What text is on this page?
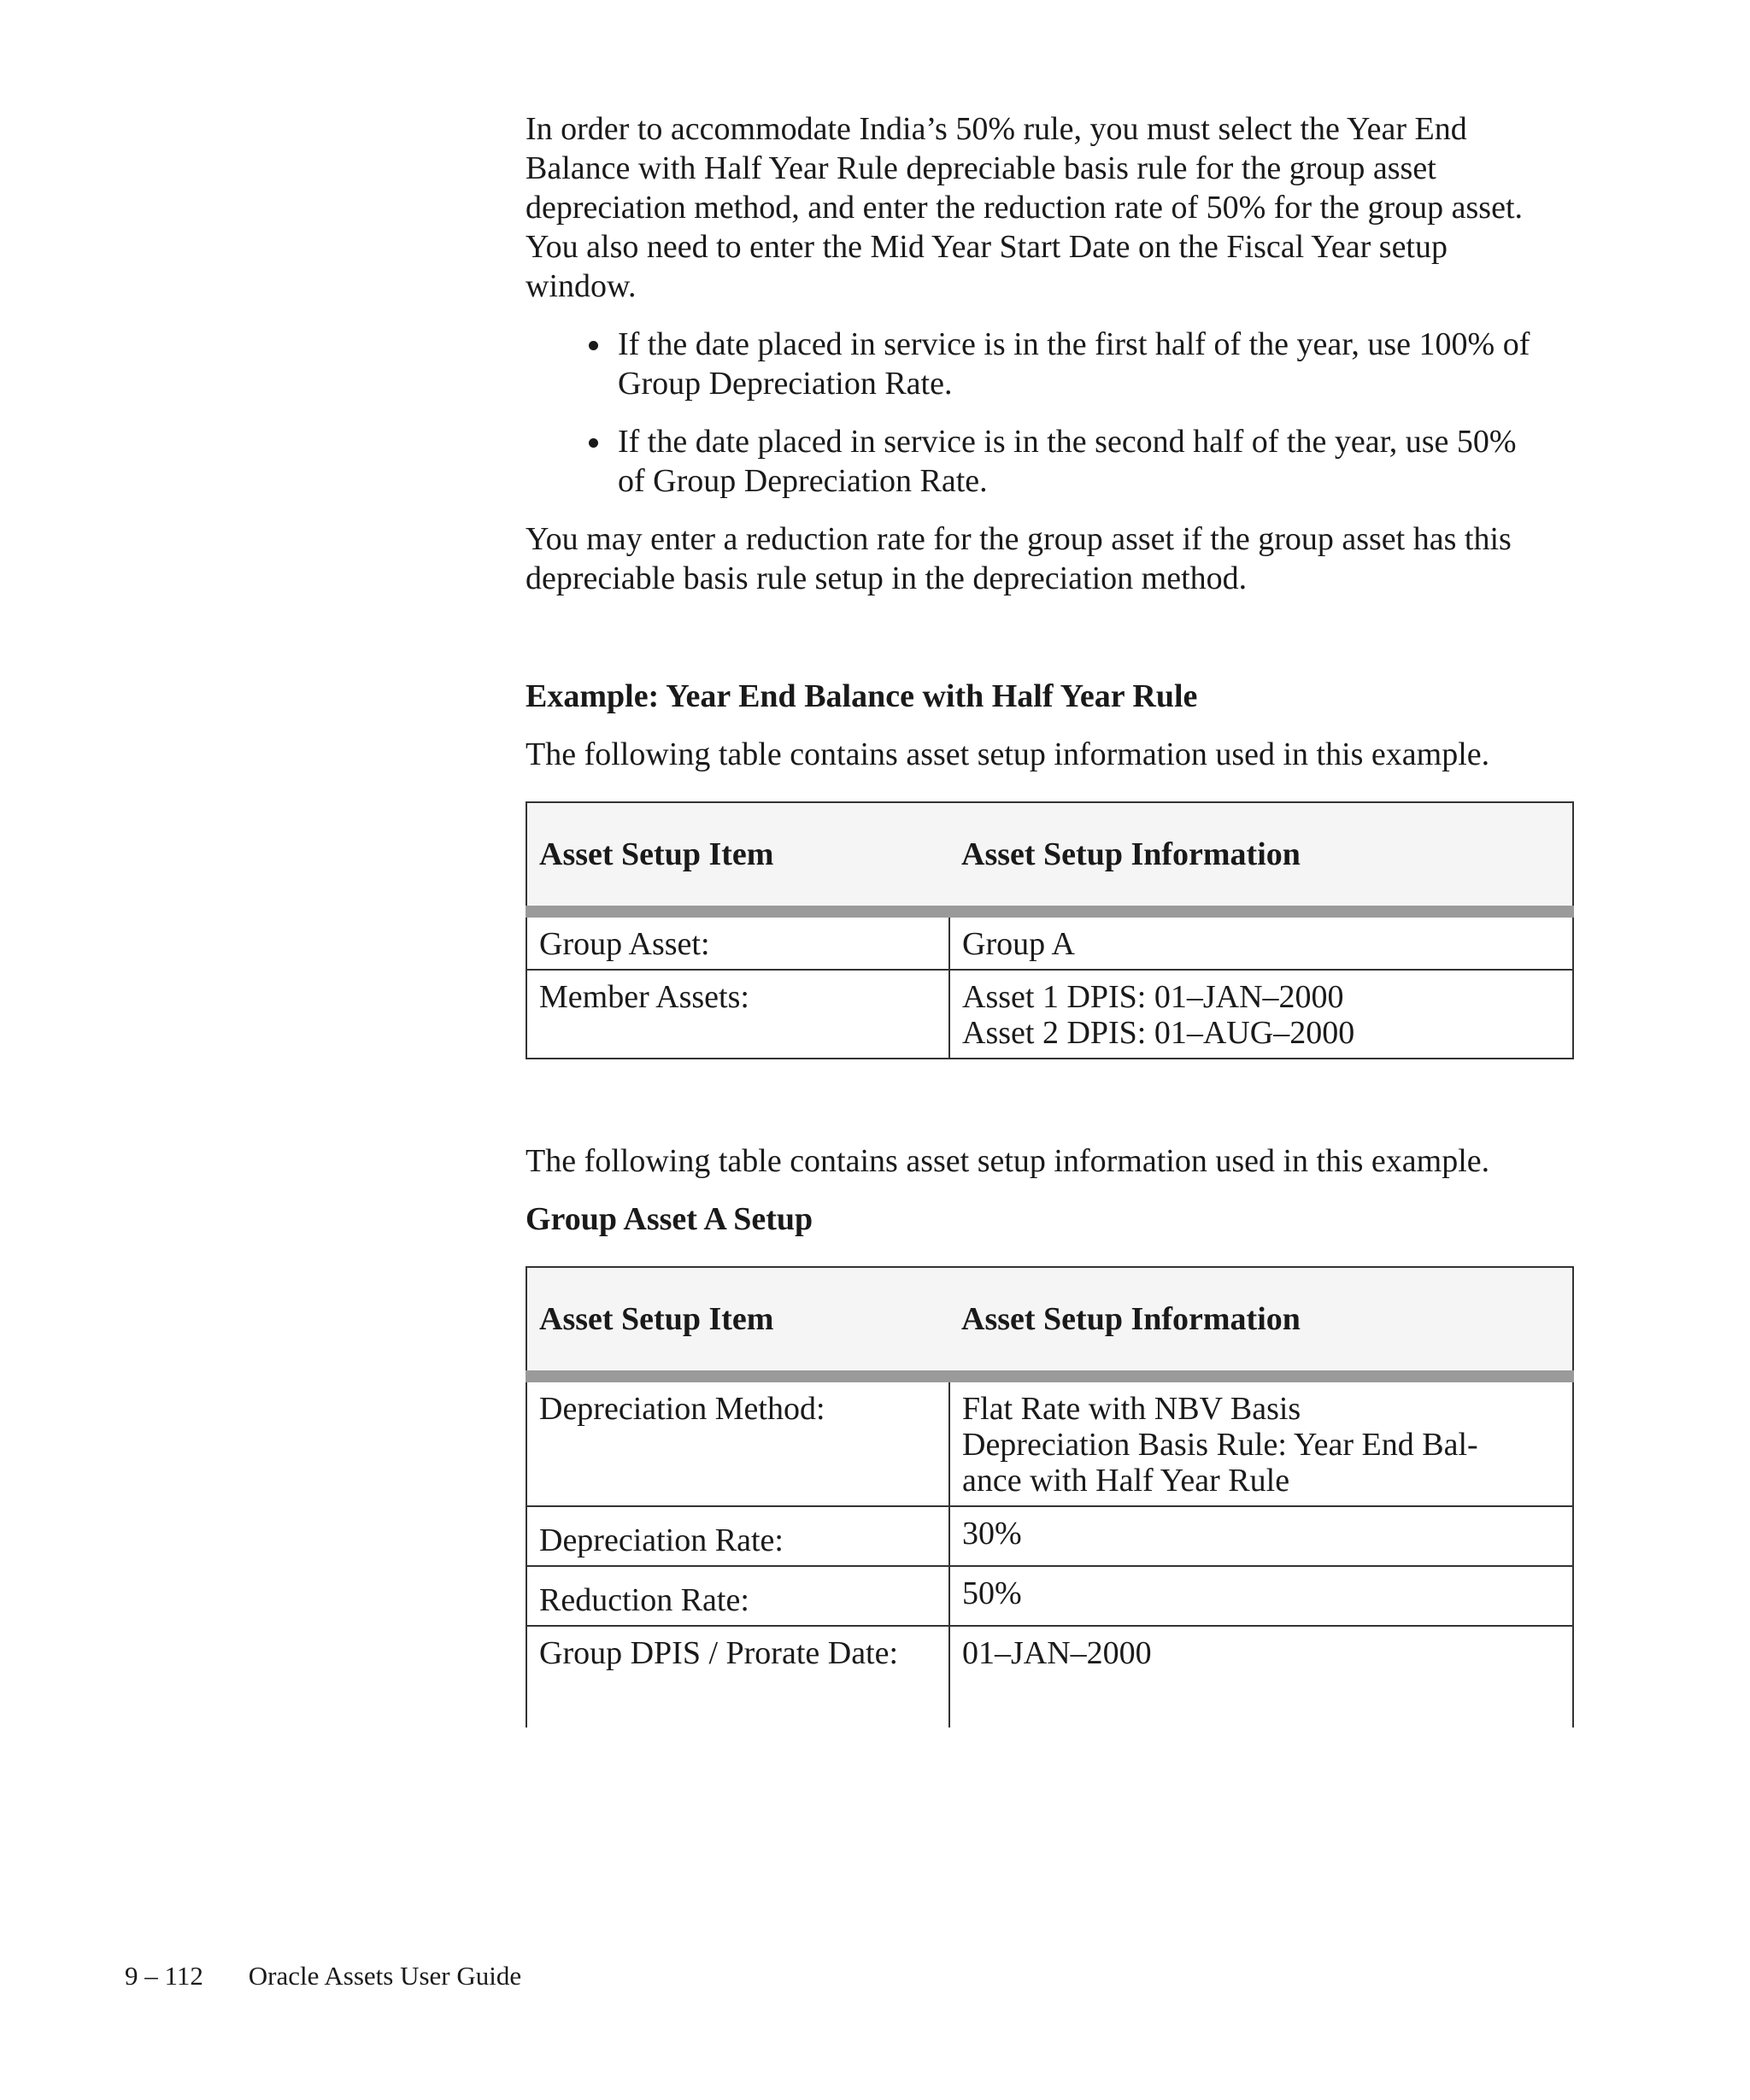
In order to accommodate India’s 50% rule, you must select the Year End Balance with Half Year Rule depreciable basis rule for the group asset depreciation method, and enter the reduction rate of 50% for the group asset. You also need to enter the Mid Year Start Date on the Fiscal Year setup window.

If the date placed in service is in the first half of the year, use 100% of Group Depreciation Rate.
If the date placed in service is in the second half of the year, use 50% of Group Depreciation Rate.

You may enter a reduction rate for the group asset if the group asset has this depreciable basis rule setup in the depreciation method.

Example: Year End Balance with Half Year Rule

The following table contains asset setup information used in this example.

Asset Setup Item	Asset Setup Information
Group Asset:	Group A

Member Assets:	Asset 1 DPIS: 01–JAN–2000
Asset 2 DPIS: 01–AUG–2000

The following table contains asset setup information used in this example.

Group Asset A Setup
Asset Setup Item	Asset Setup Information
Depreciation Method:	Flat Rate with NBV Basis
Depreciation Basis Rule: Year End Bal-
ance with Half Year Rule

Depreciation Rate:	30%

Reduction Rate:	50%

Group DPIS / Prorate Date:	01–JAN–2000
9 – 112 Oracle Assets User Guide
